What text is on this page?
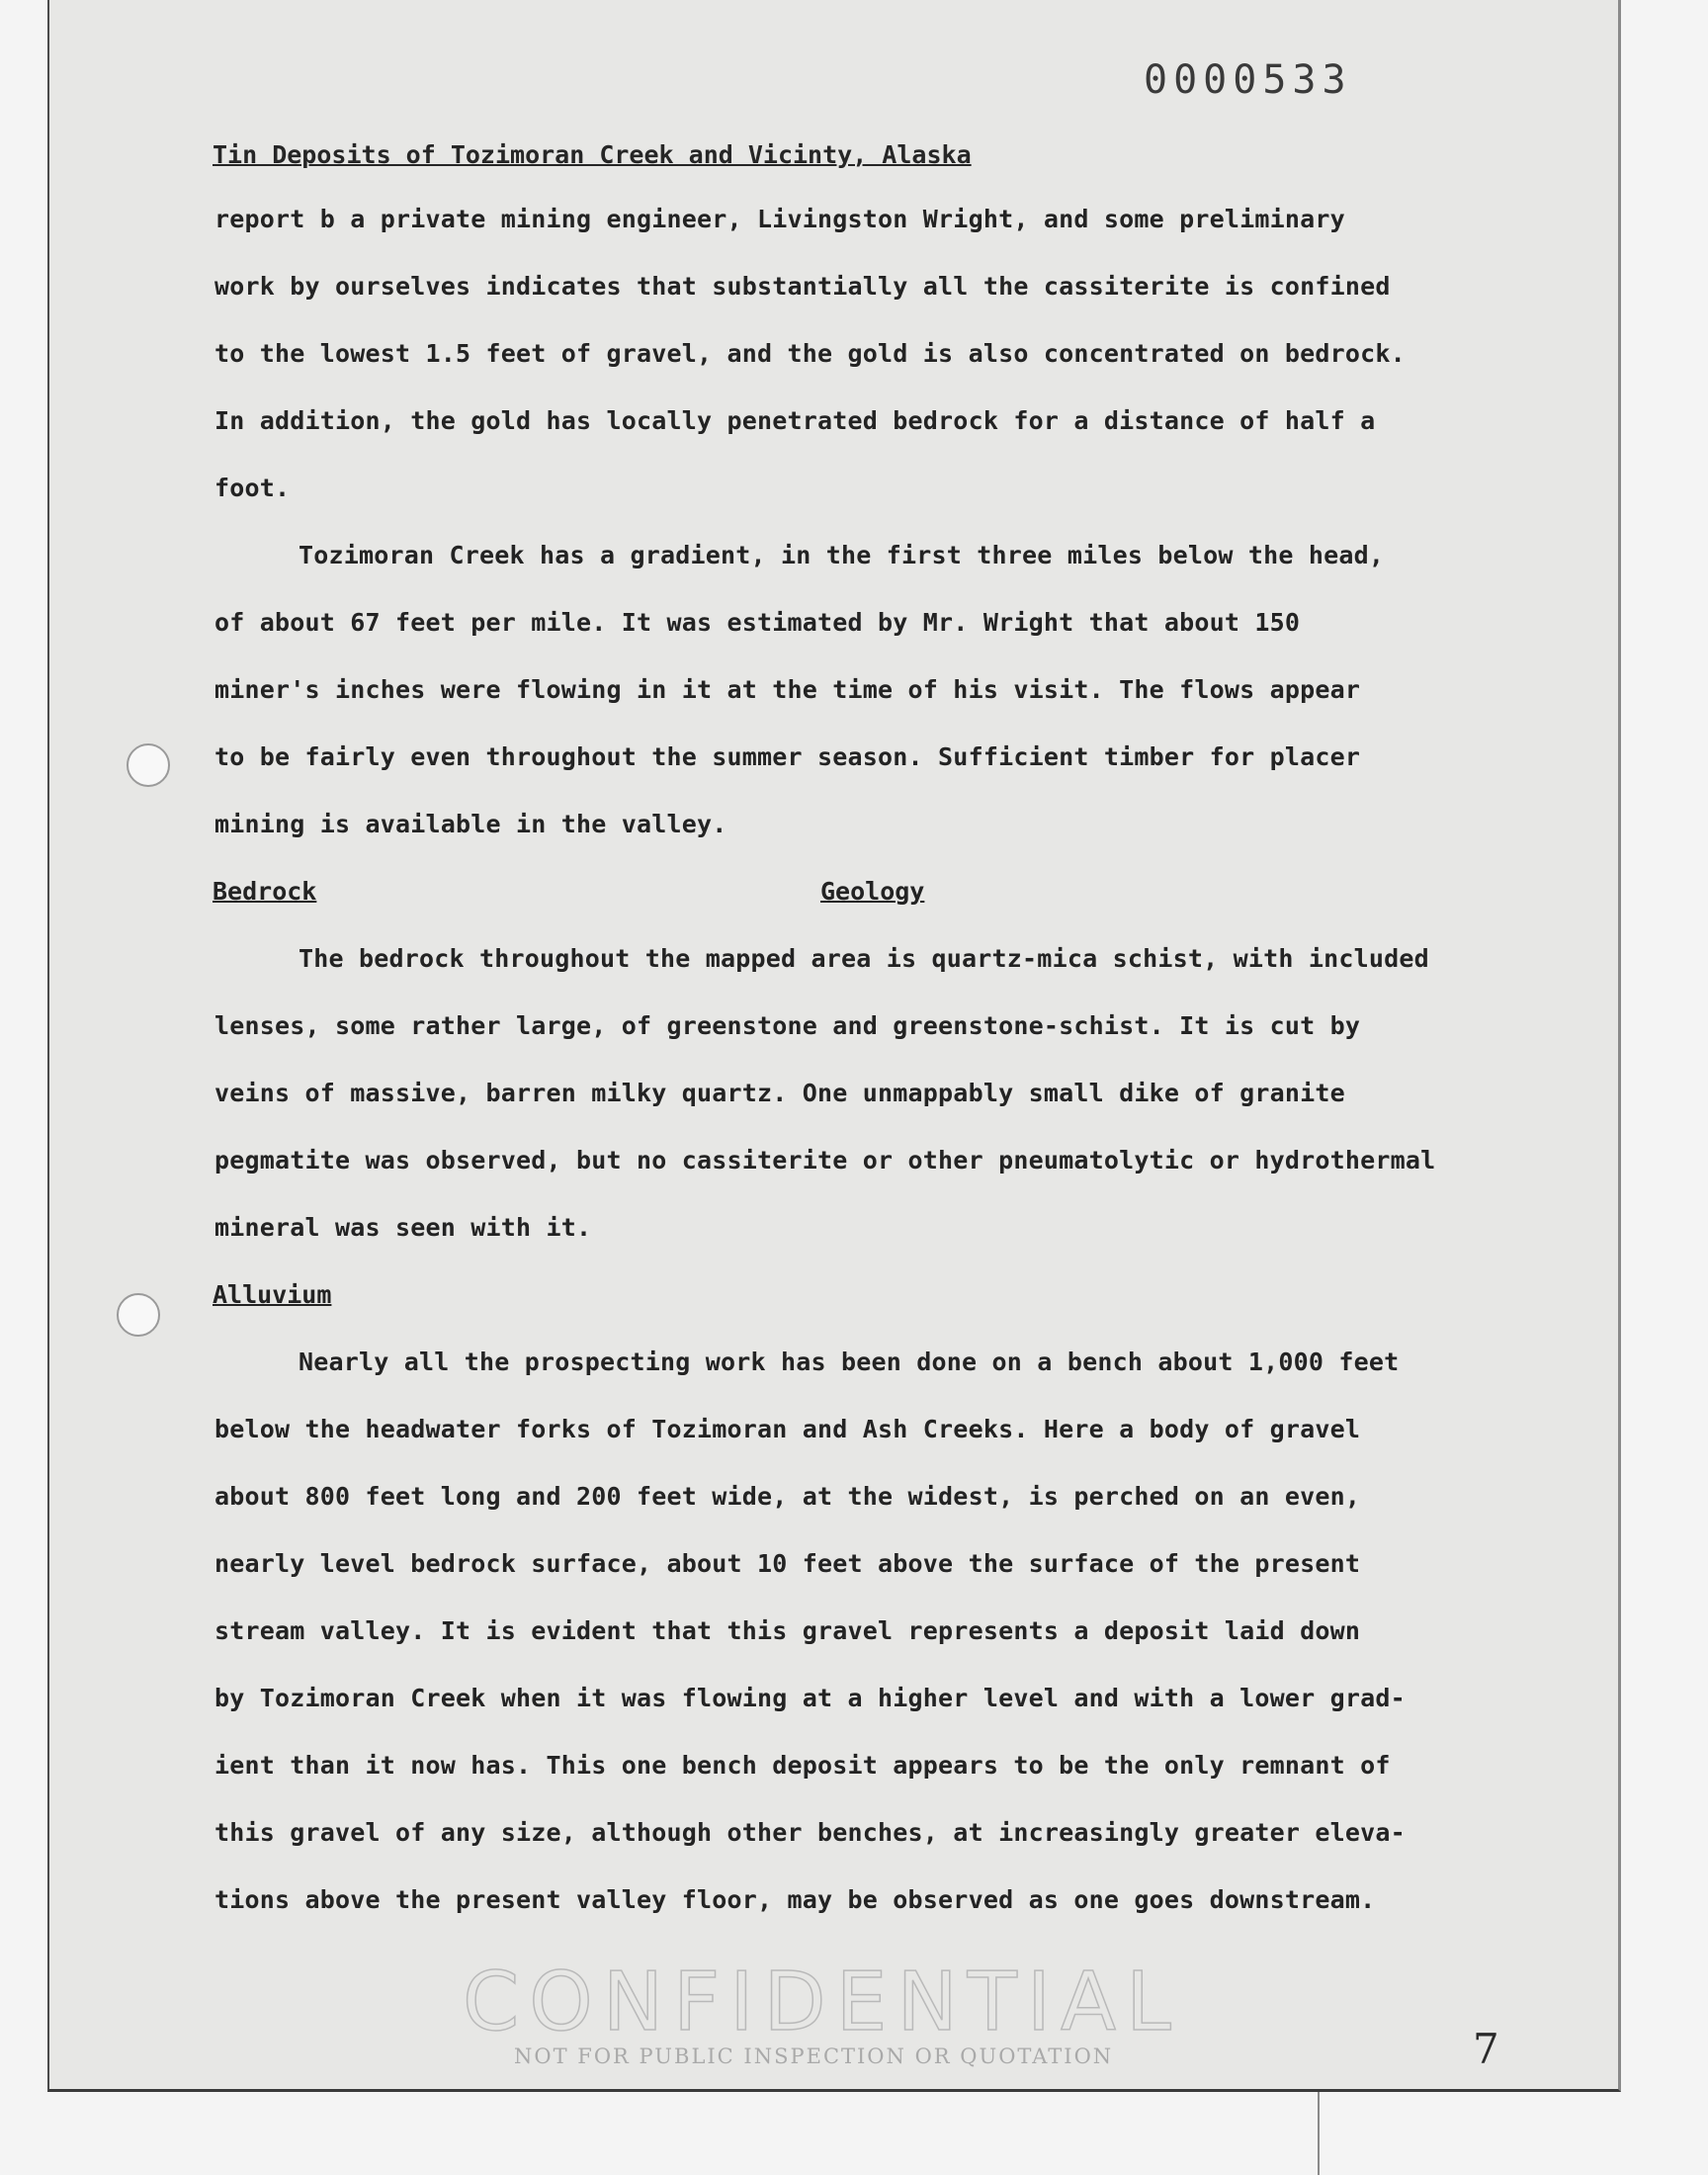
0000533
Tin Deposits of Tozimoran Creek and Vicinty, Alaska
report b a private mining engineer, Livingston Wright, and some preliminary
work by ourselves indicates that substantially all the cassiterite is confined
to the lowest 1.5 feet of gravel, and the gold is also concentrated on bedrock.
In addition, the gold has locally penetrated bedrock for a distance of half a
foot.
Tozimoran Creek has a gradient, in the first three miles below the head,
of about 67 feet per mile. It was estimated by Mr. Wright that about 150
miner's inches were flowing in it at the time of his visit. The flows appear
to be fairly even throughout the summer season. Sufficient timber for placer
mining is available in the valley.
Bedrock	Geology
The bedrock throughout the mapped area is quartz-mica schist, with included
lenses, some rather large, of greenstone and greenstone-schist. It is cut by
veins of massive, barren milky quartz. One unmappably small dike of granite
pegmatite was observed, but no cassiterite or other pneumatolytic or hydrothermal
mineral was seen with it.
Alluvium
Nearly all the prospecting work has been done on a bench about 1,000 feet
below the headwater forks of Tozimoran and Ash Creeks. Here a body of gravel
about 800 feet long and 200 feet wide, at the widest, is perched on an even,
nearly level bedrock surface, about 10 feet above the surface of the present
stream valley. It is evident that this gravel represents a deposit laid down
by Tozimoran Creek when it was flowing at a higher level and with a lower grad-
ient than it now has. This one bench deposit appears to be the only remnant of
this gravel of any size, although other benches, at increasingly greater eleva-
tions above the present valley floor, may be observed as one goes downstream.
CONFIDENTIAL
NOT FOR PUBLIC INSPECTION OR QUOTATION	7
